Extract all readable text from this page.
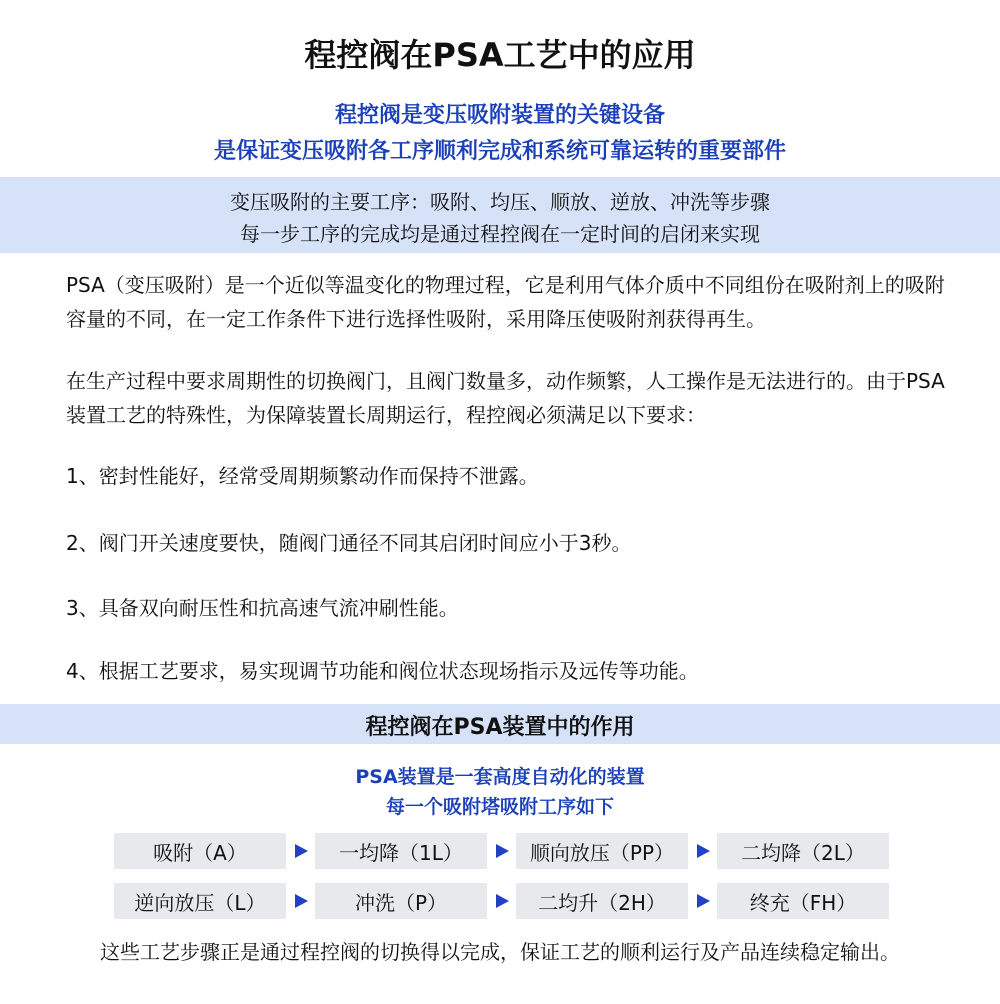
程控阀在PSA工艺中的应用
程控阀是变压吸附装置的关键设备
是保证变压吸附各工序顺利完成和系统可靠运转的重要部件
变压吸附的主要工序：吸附、均压、顺放、逆放、冲洗等步骤
每一步工序的完成均是通过程控阀在一定时间的启闭来实现
PSA（变压吸附）是一个近似等温变化的物理过程，它是利用气体介质中不同组份在吸附剂上的吸附容量的不同，在一定工作条件下进行选择性吸附，采用降压使吸附剂获得再生。
在生产过程中要求周期性的切换阀门，且阀门数量多，动作频繁，人工操作是无法进行的。由于PSA装置工艺的特殊性，为保障装置长周期运行，程控阀必须满足以下要求：
1、密封性能好，经常受周期频繁动作而保持不泄露。
2、阀门开关速度要快，随阀门通径不同其启闭时间应小于3秒。
3、具备双向耐压性和抗高速气流冲刷性能。
4、根据工艺要求，易实现调节功能和阀位状态现场指示及远传等功能。
程控阀在PSA装置中的作用
PSA装置是一套高度自动化的装置
每一个吸附塔吸附工序如下
吸附（A）	一均降（1L）	顺向放压（PP）	二均降（2L）
逆向放压（L）	冲洗（P）	二均升（2H）	终充（FH）
这些工艺步骤正是通过程控阀的切换得以完成，保证工艺的顺利运行及产品连续稳定输出。
